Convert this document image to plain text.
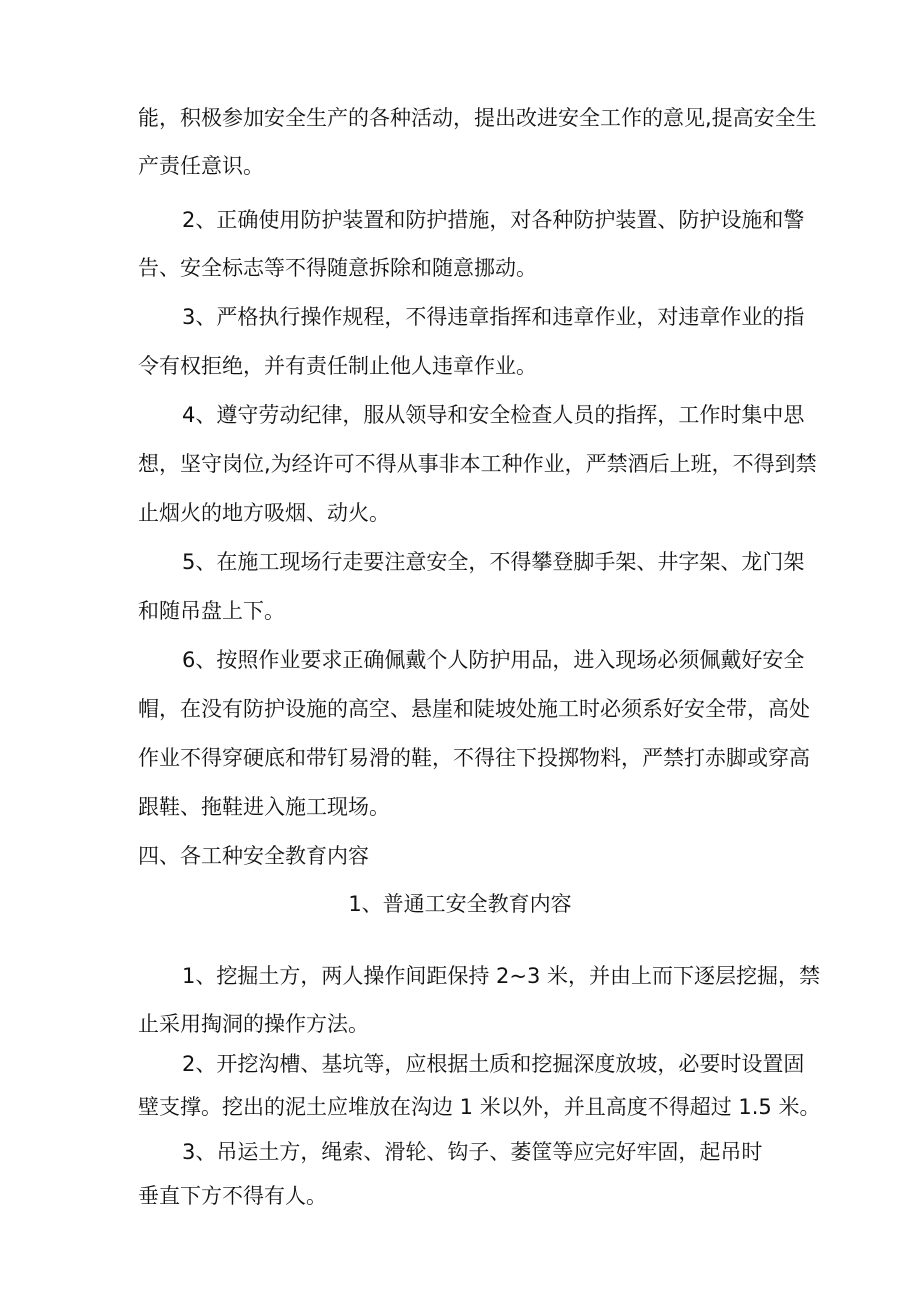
能，积极参加安全生产的各种活动，提出改进安全工作的意见,提高安全生
产责任意识。
2、正确使用防护装置和防护措施，对各种防护装置、防护设施和警
告、安全标志等不得随意拆除和随意挪动。
3、严格执行操作规程，不得违章指挥和违章作业，对违章作业的指
令有权拒绝，并有责任制止他人违章作业。
4、遵守劳动纪律，服从领导和安全检查人员的指挥，工作时集中思
想，坚守岗位,为经许可不得从事非本工种作业，严禁酒后上班，不得到禁
止烟火的地方吸烟、动火。
5、在施工现场行走要注意安全，不得攀登脚手架、井字架、龙门架
和随吊盘上下。
6、按照作业要求正确佩戴个人防护用品，进入现场必须佩戴好安全
帽，在没有防护设施的高空、悬崖和陡坡处施工时必须系好安全带，高处
作业不得穿硬底和带钉易滑的鞋，不得往下投掷物料，严禁打赤脚或穿高
跟鞋、拖鞋进入施工现场。
四、各工种安全教育内容
1、普通工安全教育内容
1、挖掘土方，两人操作间距保持 2~3 米，并由上而下逐层挖掘，禁
止采用掏洞的操作方法。
2、开挖沟槽、基坑等，应根据土质和挖掘深度放坡，必要时设置固
壁支撑。挖出的泥土应堆放在沟边 1 米以外，并且高度不得超过 1.5 米。
3、吊运土方，绳索、滑轮、钩子、萎筐等应完好牢固，起吊时
垂直下方不得有人。
